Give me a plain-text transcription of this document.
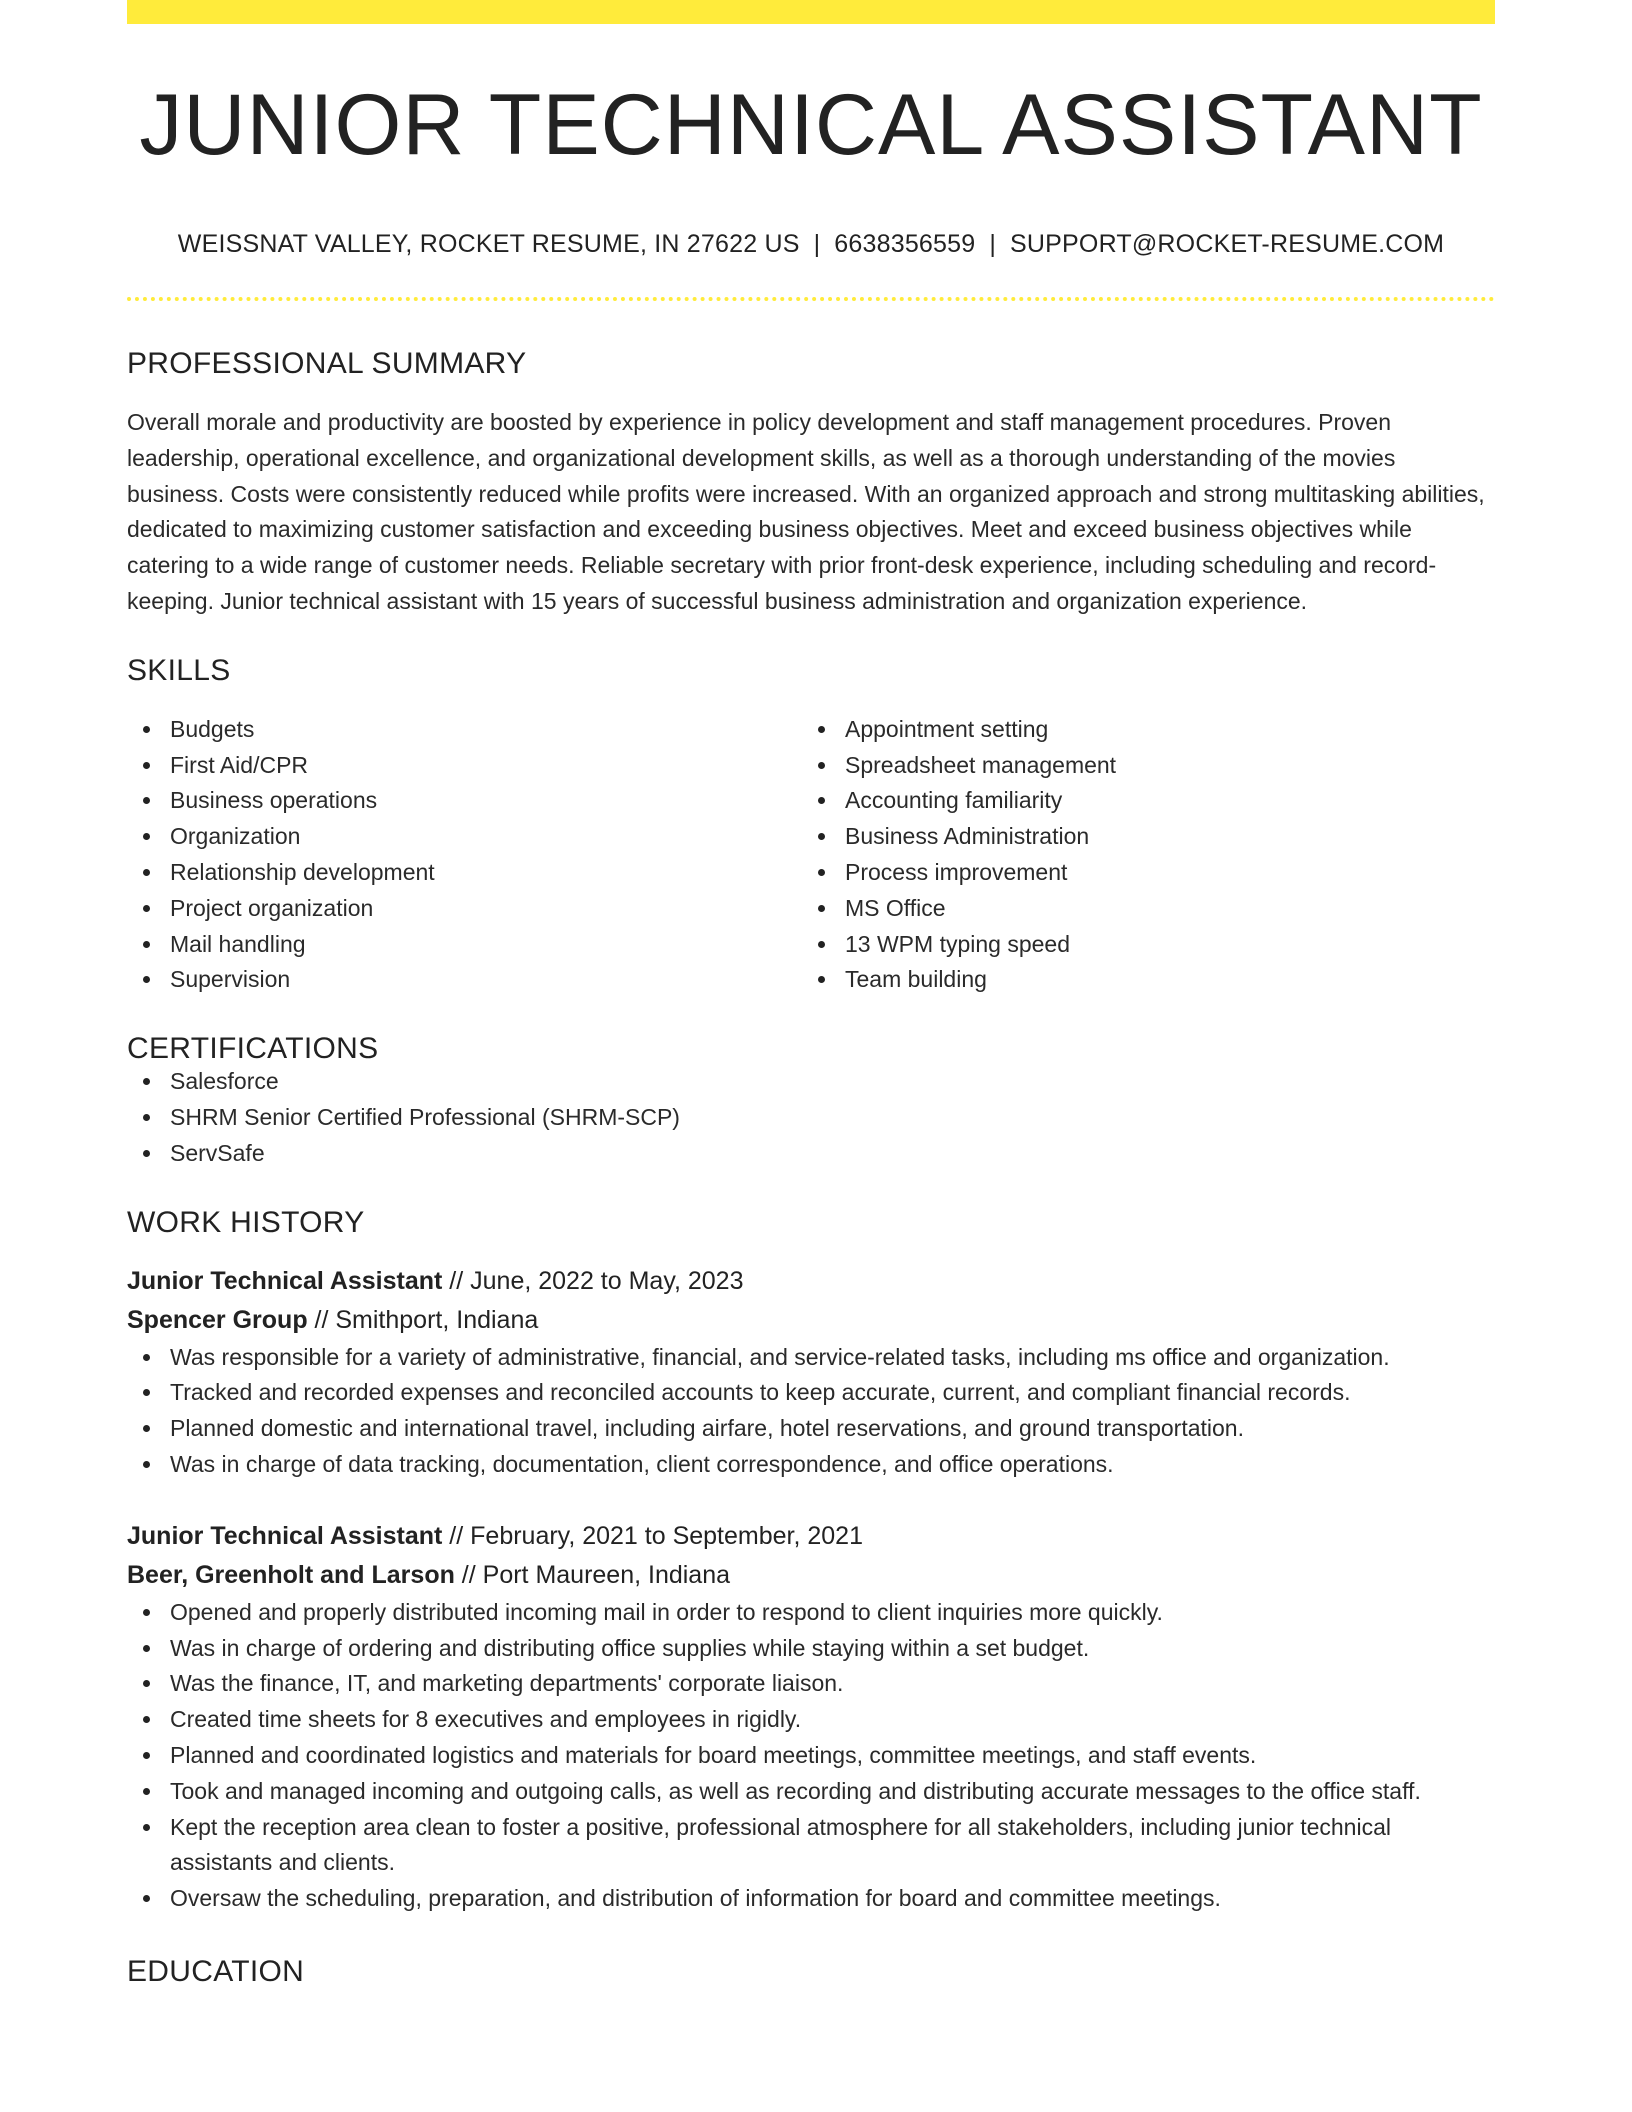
JUNIOR TECHNICAL ASSISTANT
WEISSNAT VALLEY, ROCKET RESUME, IN 27622 US | 6638356559 | SUPPORT@ROCKET-RESUME.COM
PROFESSIONAL SUMMARY

Overall morale and productivity are boosted by experience in policy development and staff management procedures. Proven leadership, operational excellence, and organizational development skills, as well as a thorough understanding of the movies business. Costs were consistently reduced while profits were increased. With an organized approach and strong multitasking abilities, dedicated to maximizing customer satisfaction and exceeding business objectives. Meet and exceed business objectives while catering to a wide range of customer needs. Reliable secretary with prior front-desk experience, including scheduling and record-keeping. Junior technical assistant with 15 years of successful business administration and organization experience.

SKILLS
Budgets
First Aid/CPR
Business operations
Organization
Relationship development
Project organization
Mail handling
Supervision
Appointment setting
Spreadsheet management
Accounting familiarity
Business Administration
Process improvement
MS Office
13 WPM typing speed
Team building
CERTIFICATIONS
Salesforce
SHRM Senior Certified Professional (SHRM-SCP)
ServSafe
WORK HISTORY
Junior Technical Assistant // June, 2022 to May, 2023
Spencer Group // Smithport, Indiana
Was responsible for a variety of administrative, financial, and service-related tasks, including ms office and organization.
Tracked and recorded expenses and reconciled accounts to keep accurate, current, and compliant financial records.
Planned domestic and international travel, including airfare, hotel reservations, and ground transportation.
Was in charge of data tracking, documentation, client correspondence, and office operations.
Junior Technical Assistant // February, 2021 to September, 2021
Beer, Greenholt and Larson // Port Maureen, Indiana
Opened and properly distributed incoming mail in order to respond to client inquiries more quickly.
Was in charge of ordering and distributing office supplies while staying within a set budget.
Was the finance, IT, and marketing departments' corporate liaison.
Created time sheets for 8 executives and employees in rigidly.
Planned and coordinated logistics and materials for board meetings, committee meetings, and staff events.
Took and managed incoming and outgoing calls, as well as recording and distributing accurate messages to the office staff.
Kept the reception area clean to foster a positive, professional atmosphere for all stakeholders, including junior technical assistants and clients.
Oversaw the scheduling, preparation, and distribution of information for board and committee meetings.
EDUCATION
